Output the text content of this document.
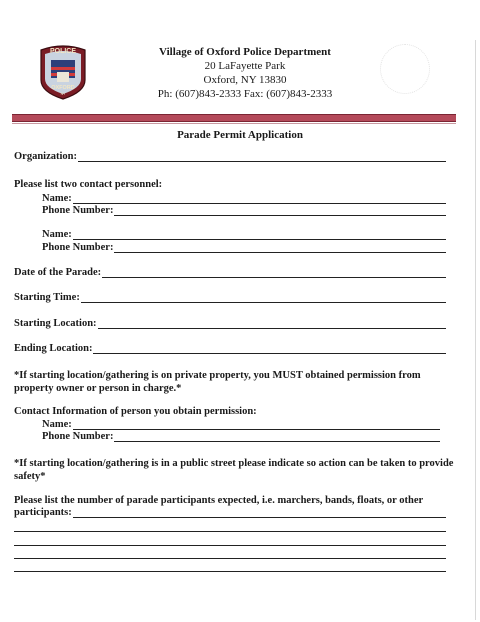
POLICE
OXFORD
NY
Village of Oxford Police Department
20 LaFayette Park
Oxford, NY 13830
Ph: (607)843-2333 Fax: (607)843-2333
Parade Permit Application
Organization:
Please list two contact personnel:
Name:
Phone Number:
Name:
Phone Number:
Date of the Parade:
Starting Time:
Starting Location:
Ending Location:
*If starting location/gathering is on private property, you MUST obtained permission from property owner or person in charge.*
Contact Information of person you obtain permission:
Name:
Phone Number:
*If starting location/gathering is in a public street please indicate so action can be taken to provide safety*
Please list the number of parade participants expected, i.e. marchers, bands, floats, or other
participants:
